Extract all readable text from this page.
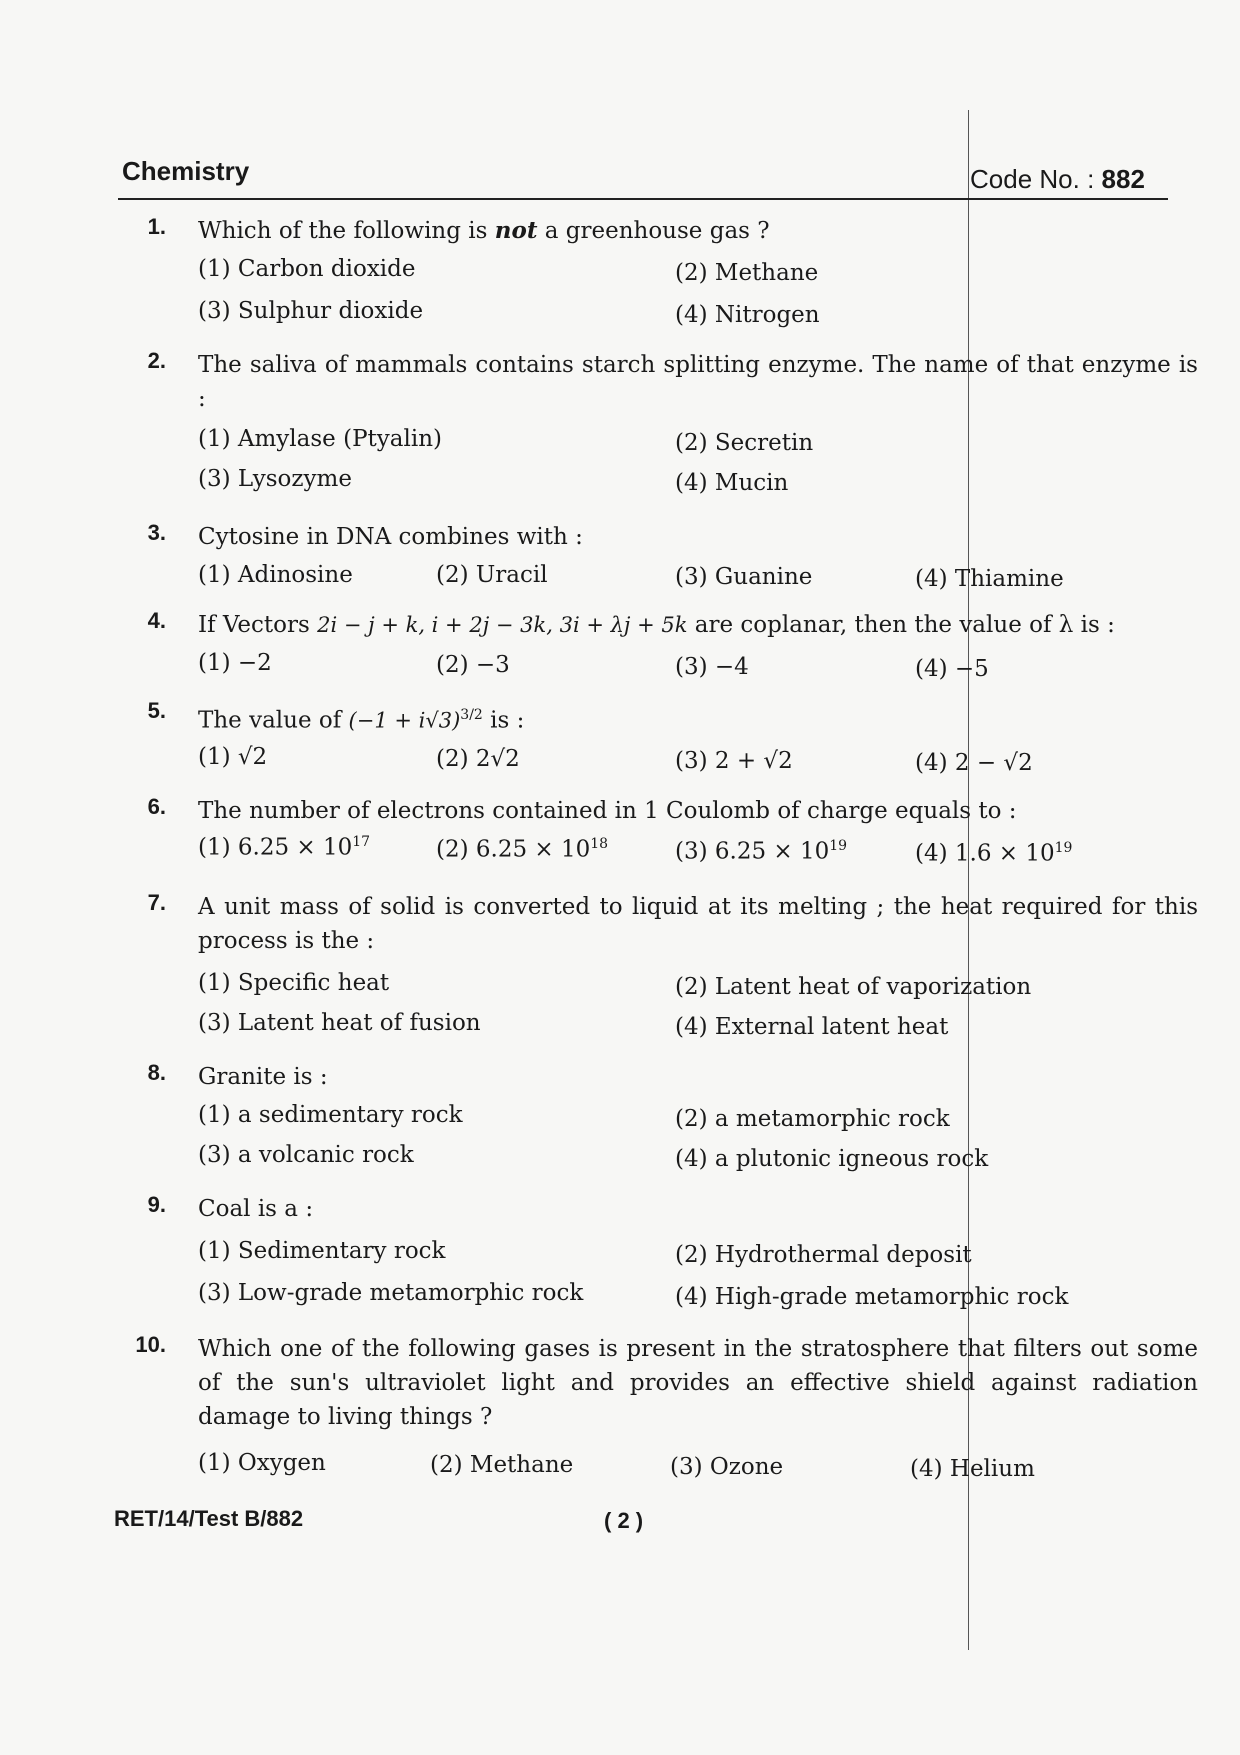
Chemistry	Code No. : 882
1. Which of the following is not a greenhouse gas ?
(1) Carbon dioxide	(2) Methane
(3) Sulphur dioxide	(4) Nitrogen
2. The saliva of mammals contains starch splitting enzyme. The name of that enzyme is :
(1) Amylase (Ptyalin)	(2) Secretin
(3) Lysozyme	(4) Mucin
3. Cytosine in DNA combines with :
(1) Adinosine	(2) Uracil	(3) Guanine	(4) Thiamine
4. If Vectors 2i − j + k, i + 2j − 3k, 3i + λj + 5k are coplanar, then the value of λ is :
(1) −2	(2) −3	(3) −4	(4) −5
5. The value of $(-1 + i√3)^{3/2}$ is :
(1) √2	(2) 2√2	(3) 2 + √2	(4) 2 − √2
6. The number of electrons contained in 1 Coulomb of charge equals to :
(1) $6.25 \times 10^{17}$	(2) $6.25 \times 10^{18}$	(3) $6.25 \times 10^{19}$	(4) $1.6 \times 10^{19}$
7. A unit mass of solid is converted to liquid at its melting ; the heat required for this process is the :
(1) Specific heat	(2) Latent heat of vaporization
(3) Latent heat of fusion	(4) External latent heat
8. Granite is :
(1) a sedimentary rock	(2) a metamorphic rock
(3) a volcanic rock	(4) a plutonic igneous rock
9. Coal is a :
(1) Sedimentary rock	(2) Hydrothermal deposit
(3) Low-grade metamorphic rock	(4) High-grade metamorphic rock
10. Which one of the following gases is present in the stratosphere that filters out some of the sun's ultraviolet light and provides an effective shield against radiation damage to living things ?
(1) Oxygen	(2) Methane	(3) Ozone	(4) Helium
RET/14/Test B/882	( 2 )
